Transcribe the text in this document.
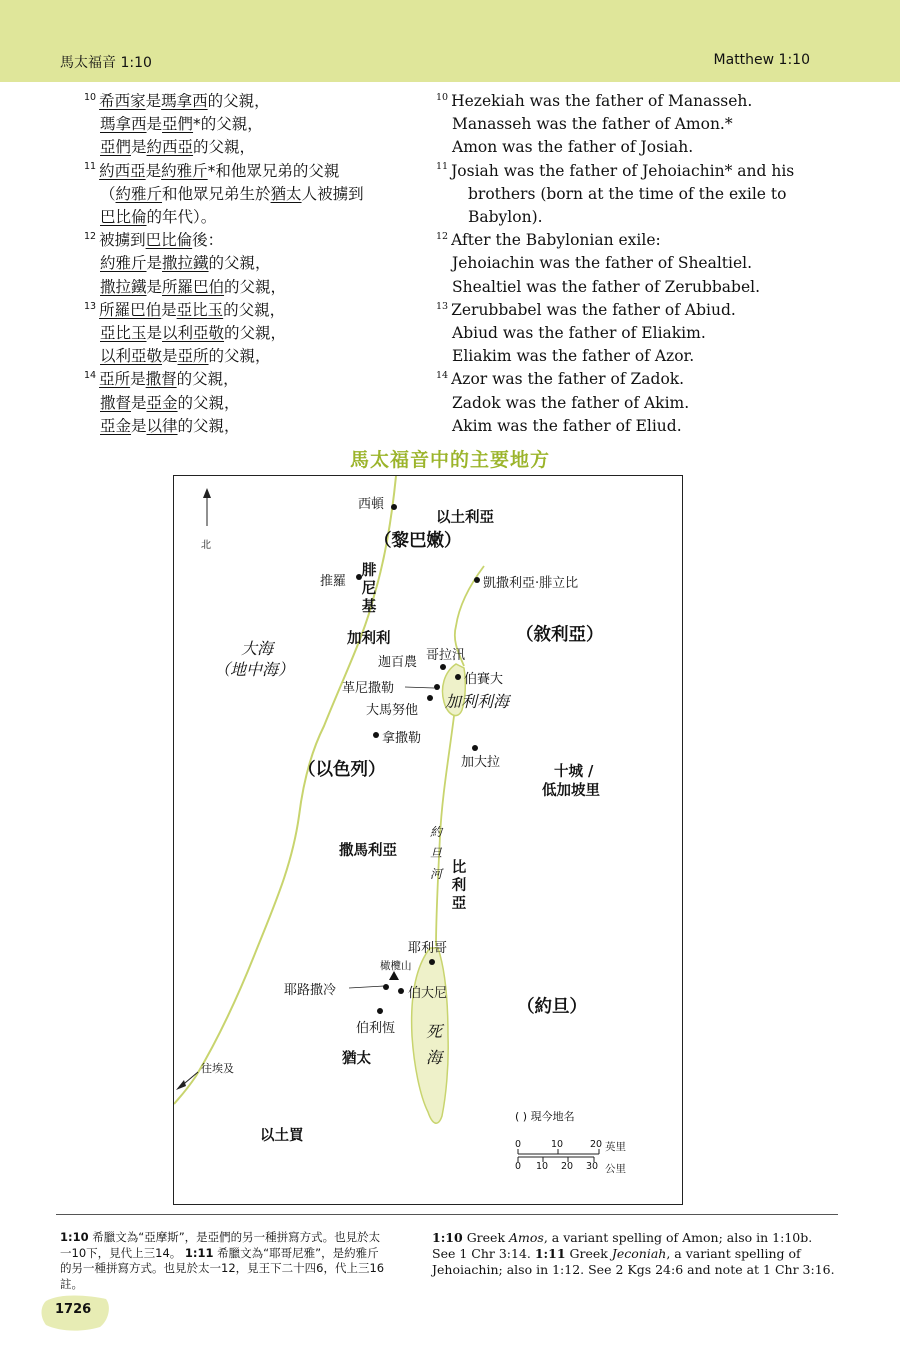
馬太福音 1:10	Matthew 1:10
$^{10}$ 希西家是瑪拿西的父親，
瑪拿西是亞們*的父親，
亞們是約西亞的父親，
$^{11}$ 約西亞是約雅斤*和他眾兄弟的父親
（約雅斤和他眾兄弟生於猶太人被擄到
巴比倫的年代）。
$^{12}$ 被擄到巴比倫後：
約雅斤是撒拉鐵的父親，
撒拉鐵是所羅巴伯的父親，
$^{13}$ 所羅巴伯是亞比玉的父親，
亞比玉是以利亞敬的父親，
以利亞敬是亞所的父親，
$^{14}$ 亞所是撒督的父親，
撒督是亞金的父親，
亞金是以律的父親，
$^{10}$ Hezekiah was the father of Manasseh.
Manasseh was the father of Amon.*
Amon was the father of Josiah.
$^{11}$ Josiah was the father of Jehoiachin* and his
brothers (born at the time of the exile to
Babylon).
$^{12}$ After the Babylonian exile:
Jehoiachin was the father of Shealtiel.
Shealtiel was the father of Zerubbabel.
$^{13}$ Zerubbabel was the father of Abiud.
Abiud was the father of Eliakim.
Eliakim was the father of Azor.
$^{14}$ Azor was the father of Zadok.
Zadok was the father of Akim.
Akim was the father of Eliud.
馬太福音中的主要地方
北
西頓
以土利亞
（黎巴嫩）
推羅
腓
尼
基
凱撒利亞‧腓立比
加利利	（敘利亞）
大海
（地中海）	迦百農 哥拉汛
革尼撒勒
伯賽大
大馬努他 加利利海
拿撒勒
加大拉
（以色列）	十城 /
低加坡里
約
旦
河
撒馬利亞
比
利
亞
耶利哥
橄欖山
耶路撒冷	伯大尼
（約旦）
伯利恆 死
海
往埃及
猶太
以土買
( ) 現今地名
0	10	20 英里
0 10 20 30 公里
1:10 希臘文為“亞摩斯”，是亞們的另一種拼寫方式。也見於太一10下，見代上三14。 1:11 希臘文為“耶哥尼雅”，是約雅斤的另一種拼寫方式。也見於太一12，見王下二十四6，代上三16註。
1:10 Greek Amos, a variant spelling of Amon; also in 1:10b. See 1 Chr 3:14. 1:11 Greek Jeconiah, a variant spelling of Jehoiachin; also in 1:12. See 2 Kgs 24:6 and note at 1 Chr 3:16.
1726
